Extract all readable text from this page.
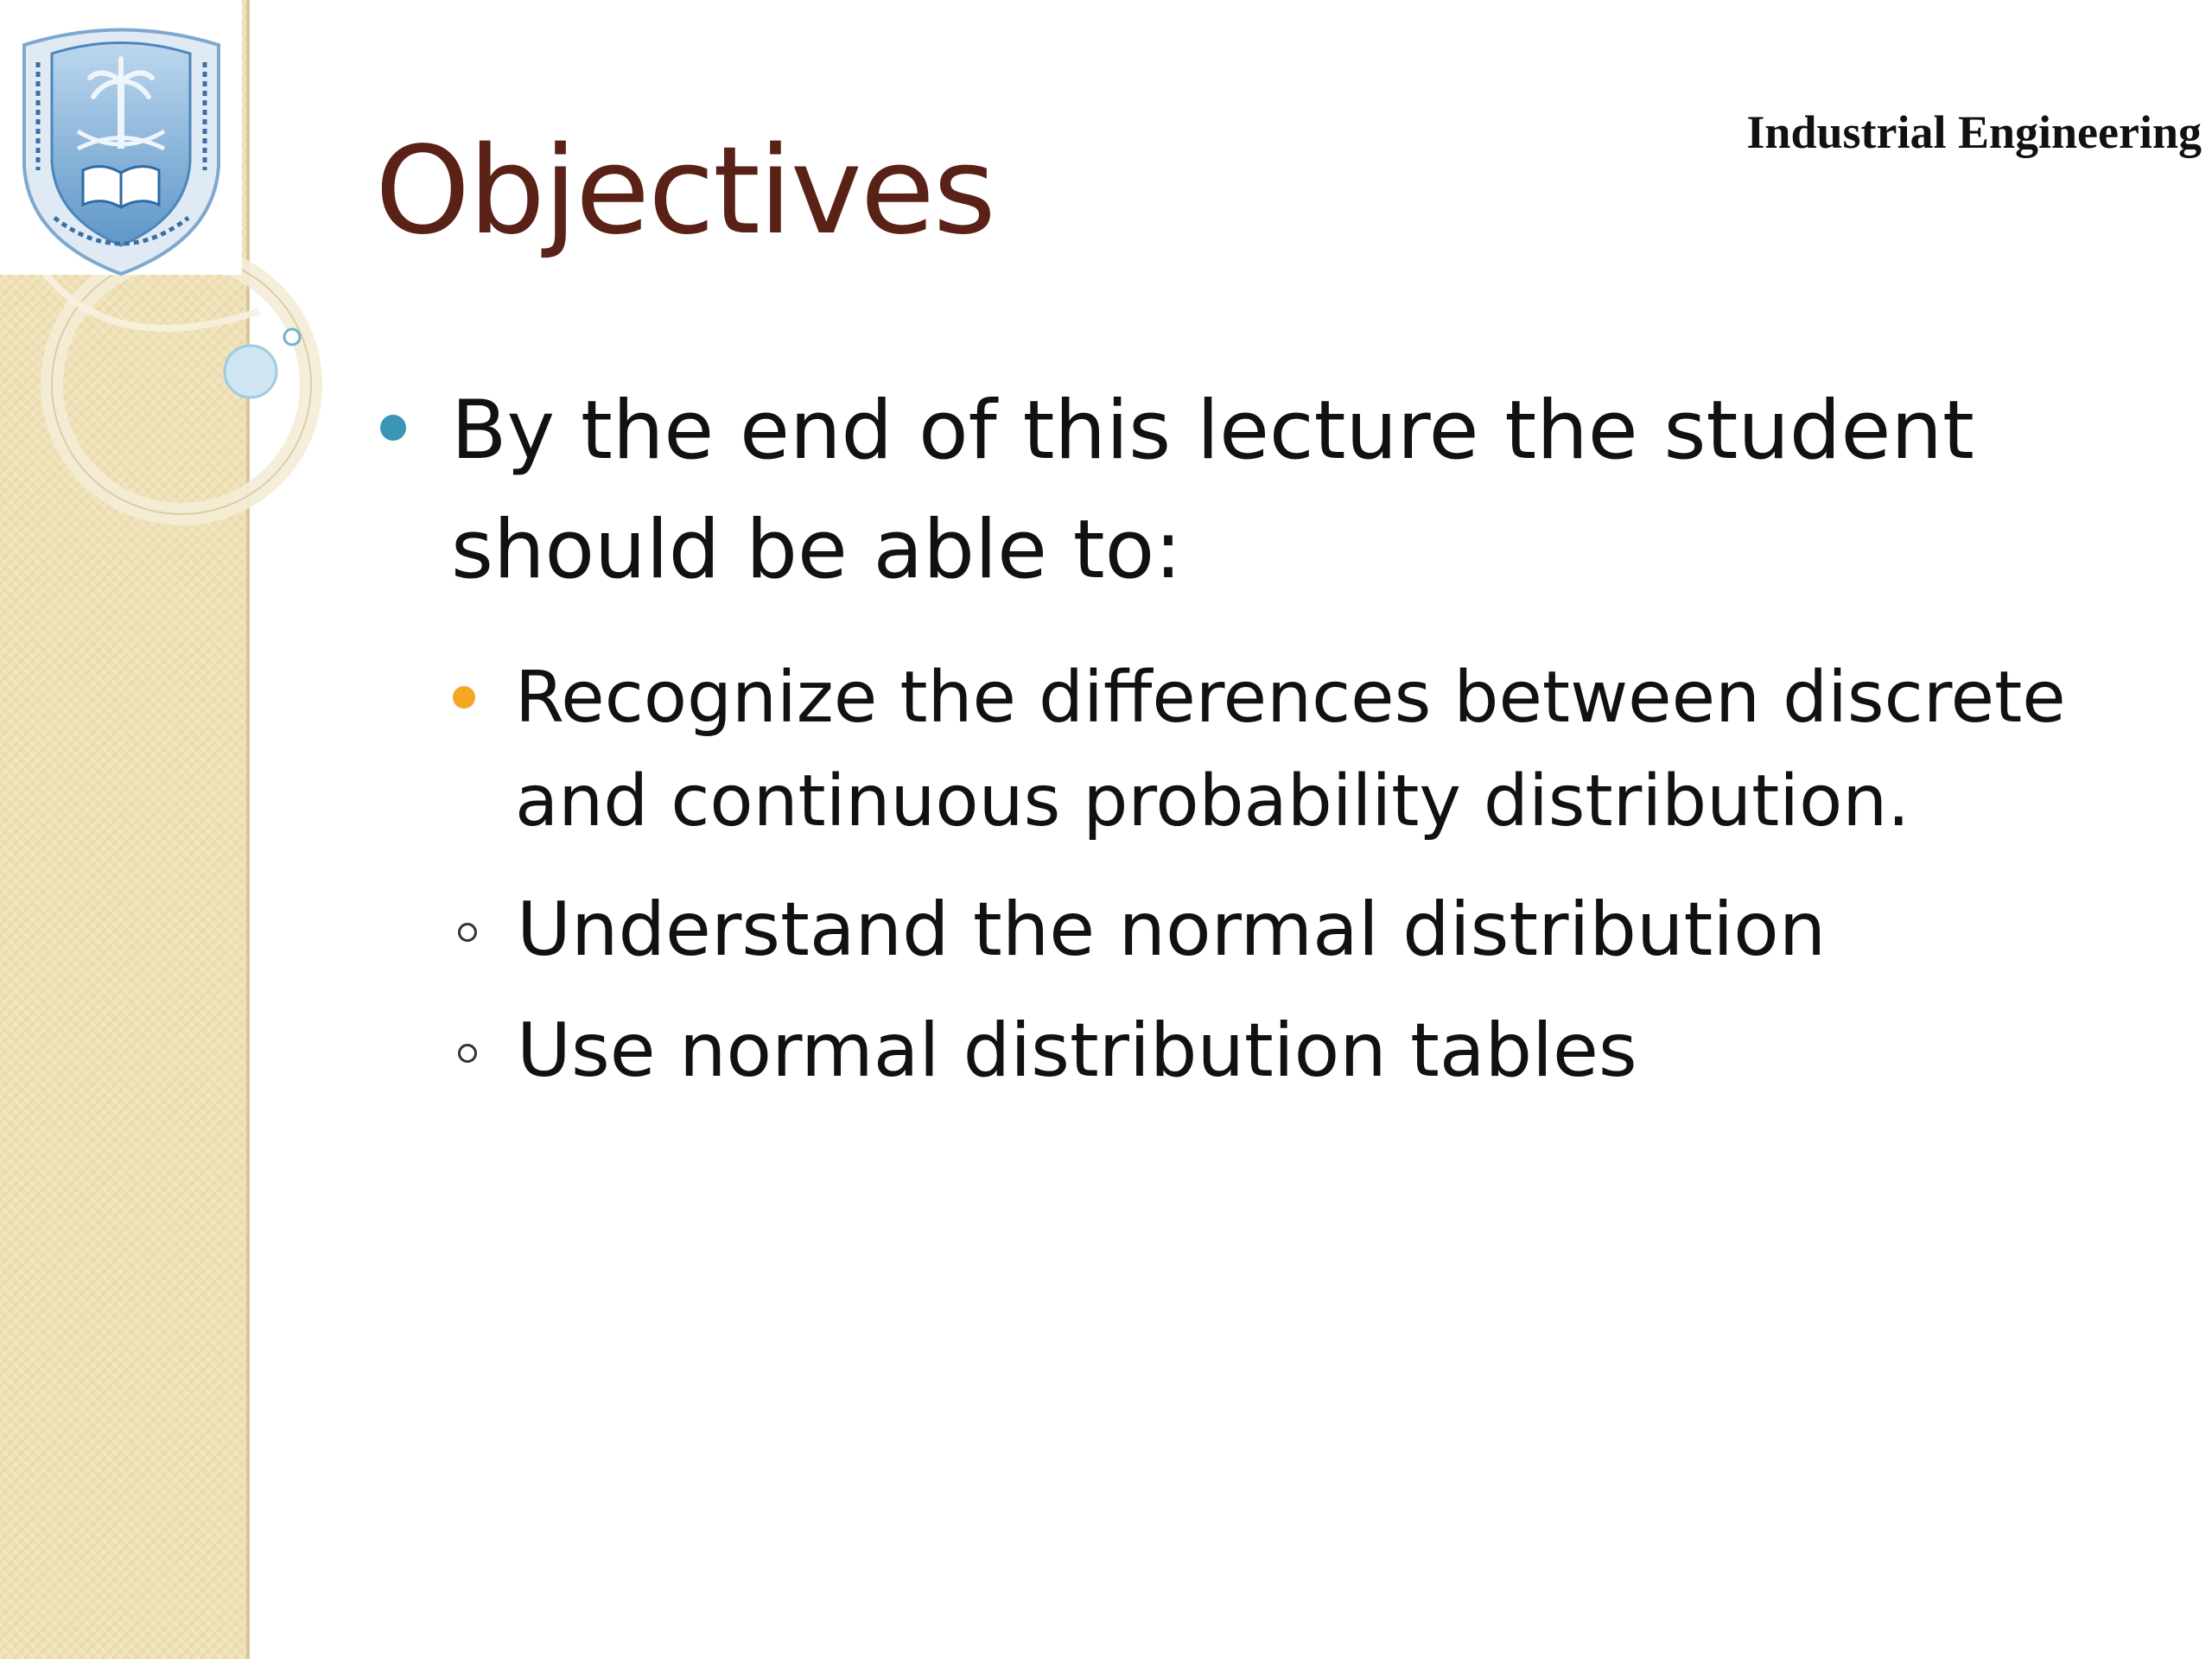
Industrial Engineering
Objectives
By the end of this lecture the student should be able to:
Recognize the differences between discrete and continuous probability distribution.
Understand the normal distribution
Use normal distribution tables
